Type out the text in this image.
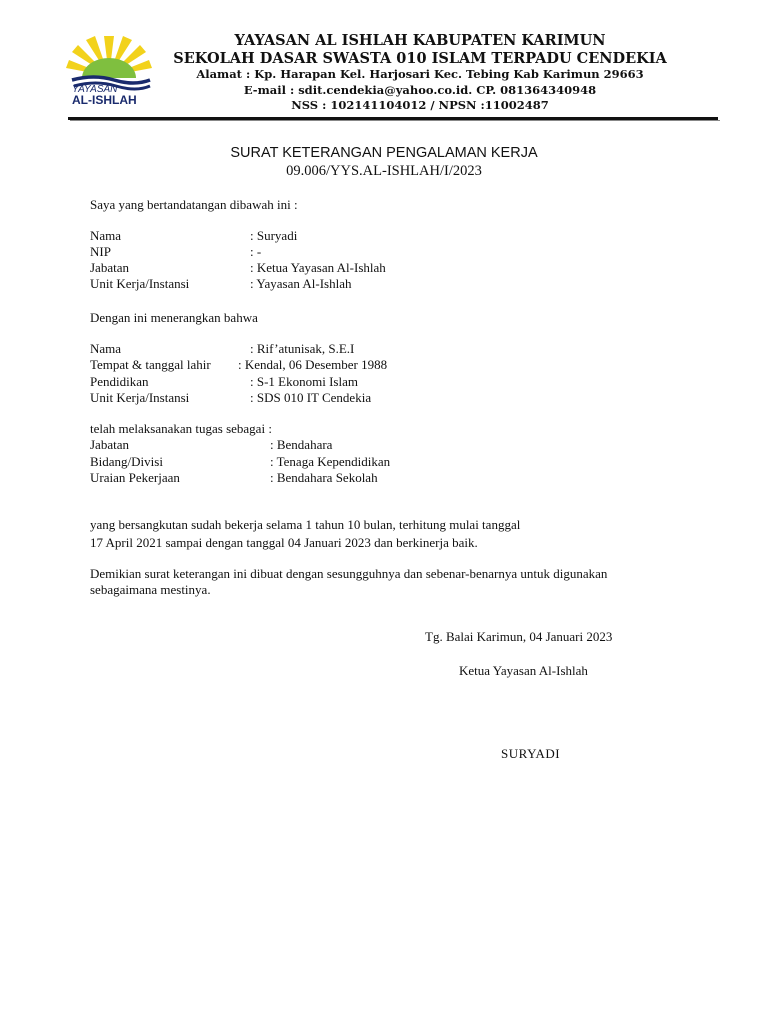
YAYASAN
AL-ISHLAH
YAYASAN AL ISHLAH KABUPATEN KARIMUN
SEKOLAH DASAR SWASTA 010 ISLAM TERPADU CENDEKIA
Alamat : Kp. Harapan Kel. Harjosari Kec. Tebing Kab Karimun 29663
E-mail : sdit.cendekia@yahoo.co.id. CP. 081364340948
NSS : 102141104012 / NPSN :11002487
SURAT KETERANGAN PENGALAMAN KERJA
09.006/YYS.AL-ISHLAH/I/2023
Saya yang bertandatangan dibawah ini :
Nama	: Suryadi
NIP	: -
Jabatan	: Ketua Yayasan Al-Ishlah
Unit Kerja/Instansi	: Yayasan Al-Ishlah
Dengan ini menerangkan bahwa
Nama	: Rif’atunisak, S.E.I
Tempat & tanggal lahir : Kendal, 06 Desember 1988
Pendidikan	: S-1 Ekonomi Islam
Unit Kerja/Instansi	: SDS 010 IT Cendekia
telah melaksanakan tugas sebagai :
Jabatan	: Bendahara
Bidang/Divisi	: Tenaga Kependidikan
Uraian Pekerjaan	: Bendahara Sekolah
yang bersangkutan sudah bekerja selama 1 tahun 10 bulan, terhitung mulai tanggal
17 April 2021 sampai dengan tanggal 04 Januari 2023 dan berkinerja baik.
Demikian surat keterangan ini dibuat dengan sesungguhnya dan sebenar-benarnya untuk digunakan
sebagaimana mestinya.
Tg. Balai Karimun, 04 Januari 2023
Ketua Yayasan Al-Ishlah
SURYADI
